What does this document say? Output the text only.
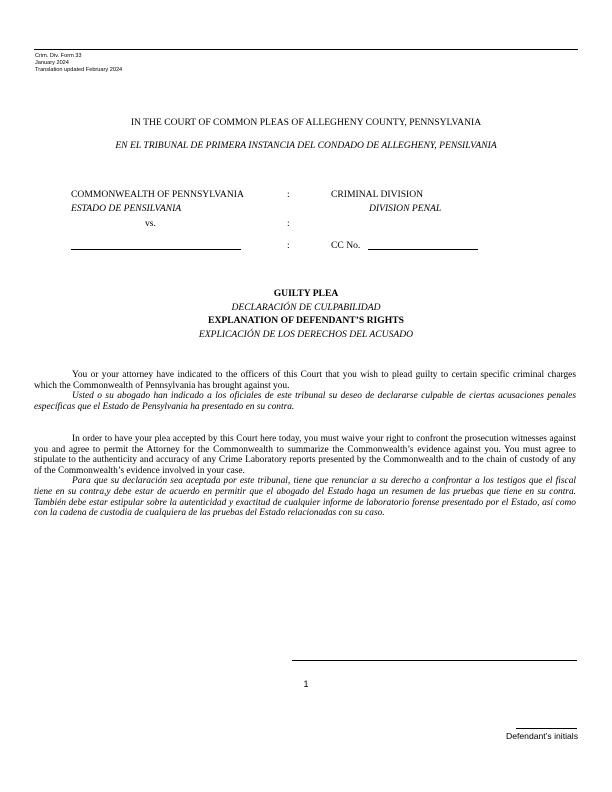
Crim. Div. Form 33
January 2024
Translation updated February 2024
IN THE COURT OF COMMON PLEAS OF ALLEGHENY COUNTY, PENNSYLVANIA
EN EL TRIBUNAL DE PRIMERA INSTANCIA DEL CONDADO DE ALLEGHENY, PENSILVANIA
COMMONWEALTH OF PENNSYLVANIA
ESTADO DE PENSILVANIA
vs.
:
:
:
CRIMINAL DIVISION
DIVISION PENAL
CC No.
GUILTY PLEA
DECLARACIÓN DE CULPABILIDAD
EXPLANATION OF DEFENDANT’S RIGHTS
EXPLICACIÓN DE LOS DERECHOS DEL ACUSADO
You or your attorney have indicated to the officers of this Court that you wish to plead guilty to certain specific criminal charges which the Commonwealth of Pennsylvania has brought against you.
Usted o su abogado han indicado a los oficiales de este tribunal su deseo de declararse culpable de ciertas acusaciones penales específicas que el Estado de Pensylvania ha presentado en su contra.
In order to have your plea accepted by this Court here today, you must waive your right to confront the prosecution witnesses against you and agree to permit the Attorney for the Commonwealth to summarize the Commonwealth’s evidence against you. You must agree to stipulate to the authenticity and accuracy of any Crime Laboratory reports presented by the Commonwealth and to the chain of custody of any of the Commonwealth’s evidence involved in your case.
Para que su declaración sea aceptada por este tribunal, tiene que renunciar a su derecho a confrontar a los testigos que el fiscal tiene en su contra,y debe estar de acuerdo en permitir que el abogado del Estado haga un resumen de las pruebas que tiene en su contra. También debe estar estipular sobre la autenticidad y exactitud de cualquier informe de laboratorio forense presentado por el Estado, así como con la cadena de custodia de cualquiera de las pruebas del Estado relacionadas con su caso.
1
Defendant’s initials
